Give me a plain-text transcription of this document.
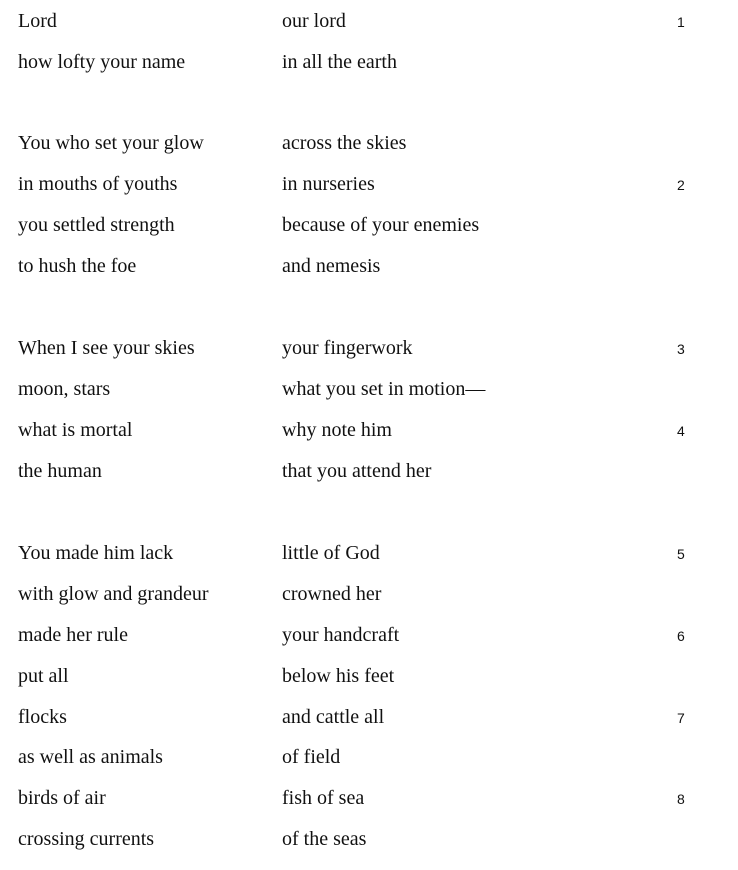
Lord	our lord	1
how lofty your name	in all the earth
You who set your glow	across the skies
in mouths of youths	in nurseries	2
you settled strength	because of your enemies
to hush the foe	and nemesis
When I see your skies	your fingerwork	3
moon, stars	what you set in motion—
what is mortal	why note him	4
the human	that you attend her
You made him lack	little of God	5
with glow and grandeur	crowned her
made her rule	your handcraft	6
put all	below his feet
flocks	and cattle all	7
as well as animals	of field
birds of air	fish of sea	8
crossing currents	of the seas
